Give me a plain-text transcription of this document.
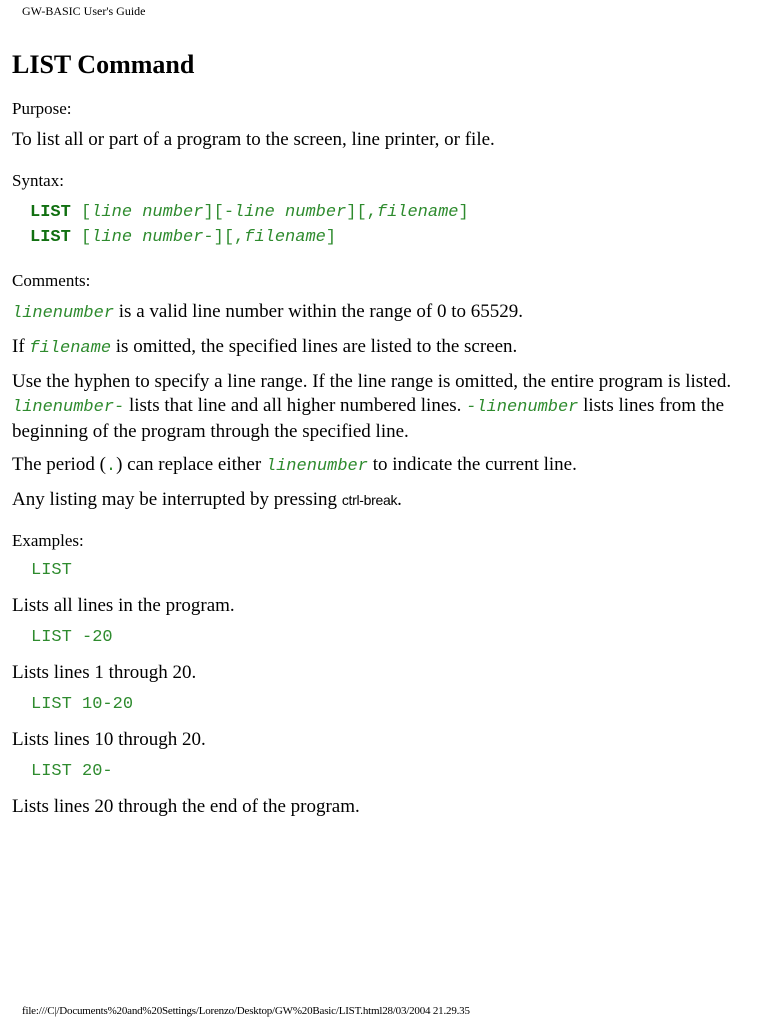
GW-BASIC User's Guide
LIST Command
Purpose:
To list all or part of a program to the screen, line printer, or file.
Syntax:
LIST [line number][-line number][,filename]
LIST [line number-][,filename]
Comments:
linenumber is a valid line number within the range of 0 to 65529.
If filename is omitted, the specified lines are listed to the screen.
Use the hyphen to specify a line range. If the line range is omitted, the entire program is listed. linenumber- lists that line and all higher numbered lines. -linenumber lists lines from the beginning of the program through the specified line.
The period (.) can replace either linenumber to indicate the current line.
Any listing may be interrupted by pressing ctrl-break.
Examples:
LIST
Lists all lines in the program.
LIST -20
Lists lines 1 through 20.
LIST 10-20
Lists lines 10 through 20.
LIST 20-
Lists lines 20 through the end of the program.
file:///C|/Documents%20and%20Settings/Lorenzo/Desktop/GW%20Basic/LIST.html28/03/2004 21.29.35
